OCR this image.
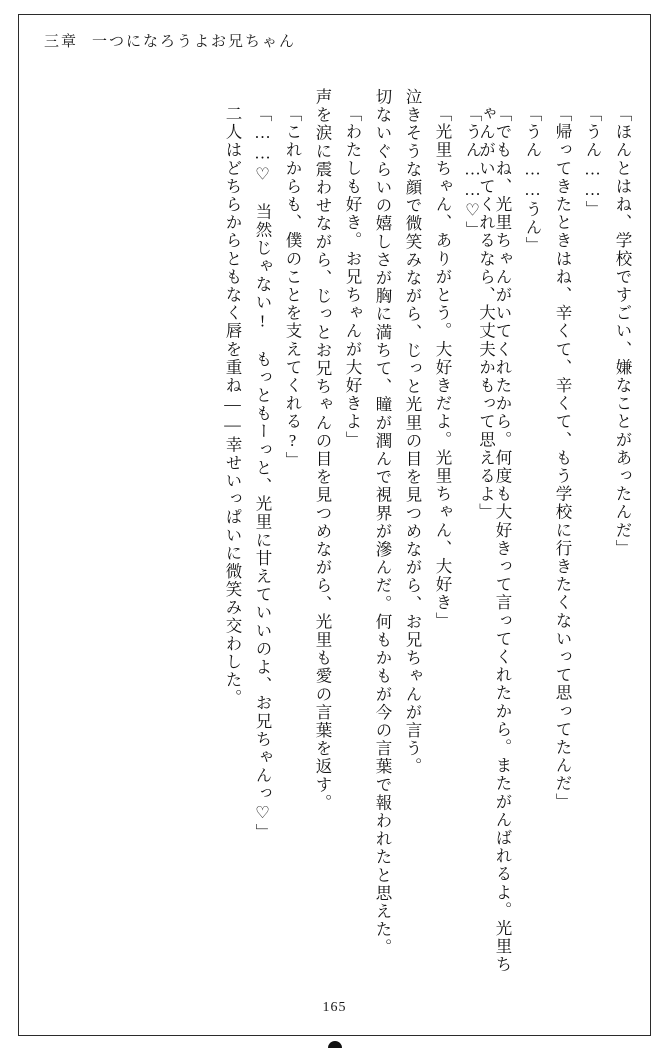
三章 一つになろうよお兄ちゃん
「ほんとはね、学校ですごい、嫌なことがあったんだ」
「うん……」
「帰ってきたときはね、辛くて、辛くて、もう学校に行きたくないって思ってたんだ」
「うん……うん」
「でもね、光里ちゃんがいてくれたから。何度も大好きって言ってくれたから。またがんばれるよ。光里ちゃんがいてくれるなら、大丈夫かもって思えるよ」
「うん……♡」
「光里ちゃん、ありがとう。大好きだよ。光里ちゃん、大好き」
泣きそうな顔で微笑みながら、じっと光里の目を見つめながら、お兄ちゃんが言う。
切ないぐらいの嬉しさが胸に満ちて、瞳が潤んで視界が滲んだ。何もかもが今の言葉で報われたと思えた。
「わたしも好き。お兄ちゃんが大好きよ」
声を涙に震わせながら、じっとお兄ちゃんの目を見つめながら、光里も愛の言葉を返す。
「これからも、僕のことを支えてくれる?」
「……♡　当然じゃない!　もっともーっと、光里に甘えていいのよ、お兄ちゃんっ♡」
二人はどちらからともなく唇を重ね——幸せいっぱいに微笑み交わした。
165
